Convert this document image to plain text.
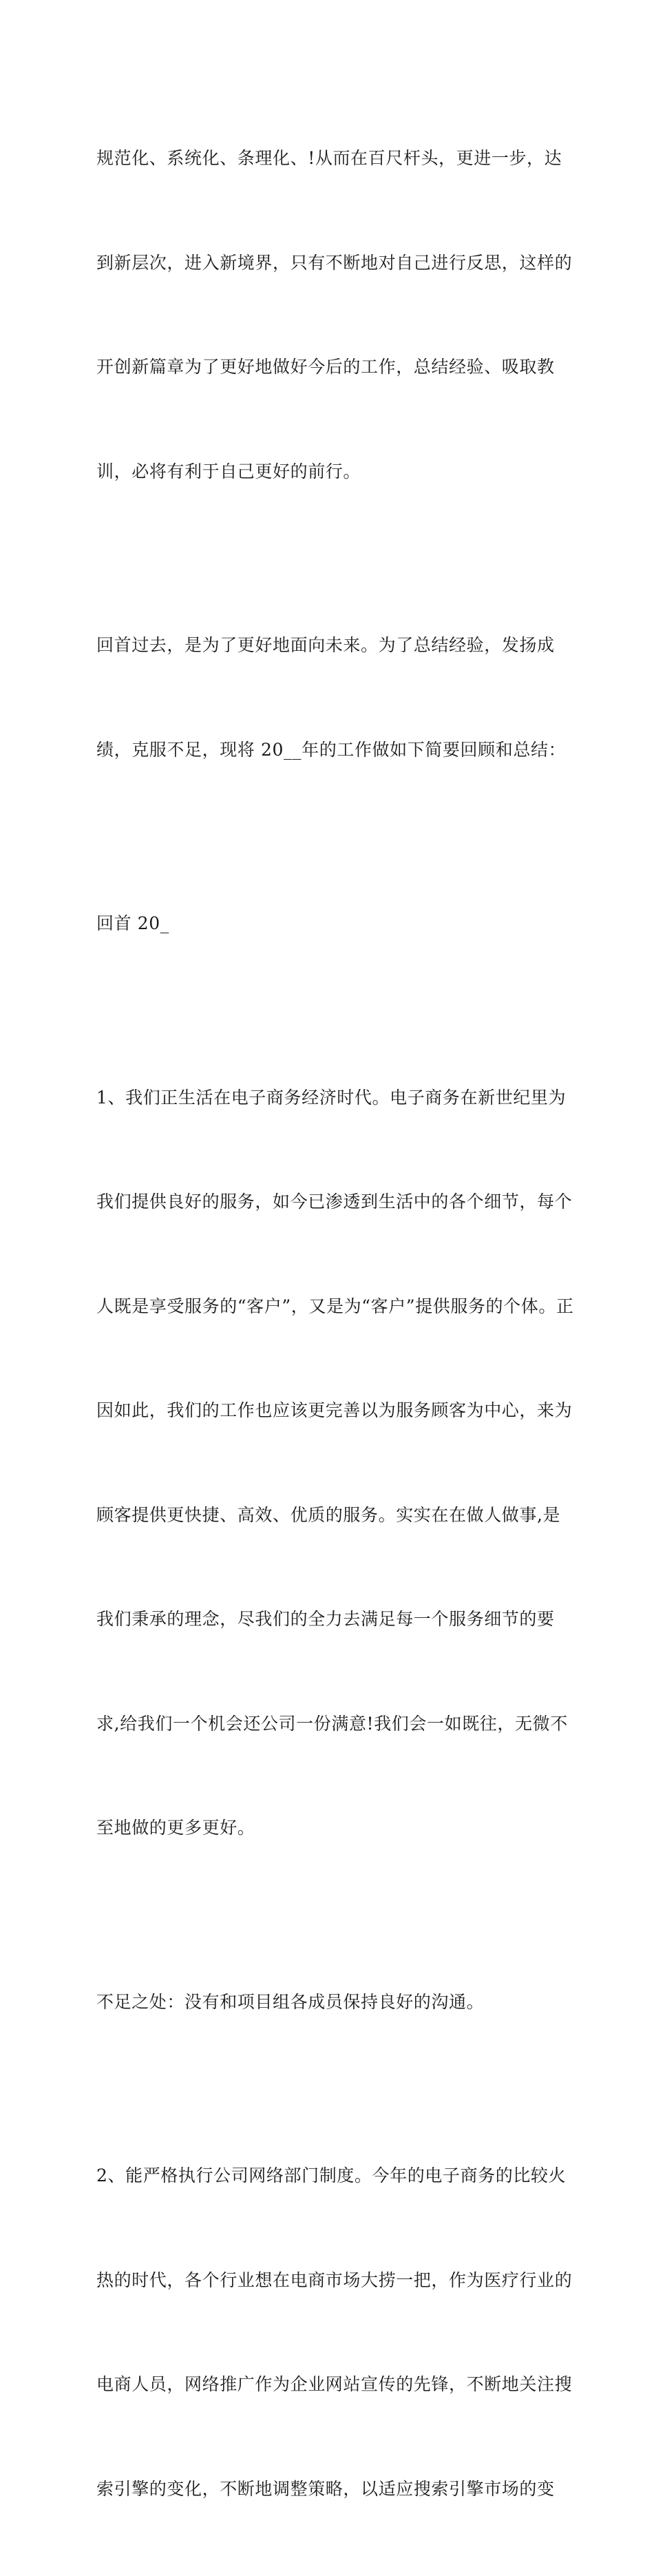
规范化、系统化、条理化、!从而在百尺杆头，更进一步，达

到新层次，进入新境界，只有不断地对自己进行反思，这样的

开创新篇章为了更好地做好今后的工作，总结经验、吸取教

训，必将有利于自己更好的前行。

回首过去，是为了更好地面向未来。为了总结经验，发扬成

绩，克服不足，现将 20__年的工作做如下简要回顾和总结：

回首 20_

1、我们正生活在电子商务经济时代。电子商务在新世纪里为

我们提供良好的服务，如今已渗透到生活中的各个细节，每个

人既是享受服务的“客户”，又是为“客户”提供服务的个体。正

因如此，我们的工作也应该更完善以为服务顾客为中心，来为

顾客提供更快捷、高效、优质的服务。实实在在做人做事,是

我们秉承的理念，尽我们的全力去满足每一个服务细节的要

求,给我们一个机会还公司一份满意!我们会一如既往，无微不

至地做的更多更好。

不足之处：没有和项目组各成员保持良好的沟通。

2、能严格执行公司网络部门制度。今年的电子商务的比较火

热的时代，各个行业想在电商市场大捞一把，作为医疗行业的

电商人员，网络推广作为企业网站宣传的先锋，不断地关注搜

索引擎的变化，不断地调整策略，以适应搜索引擎市场的变
